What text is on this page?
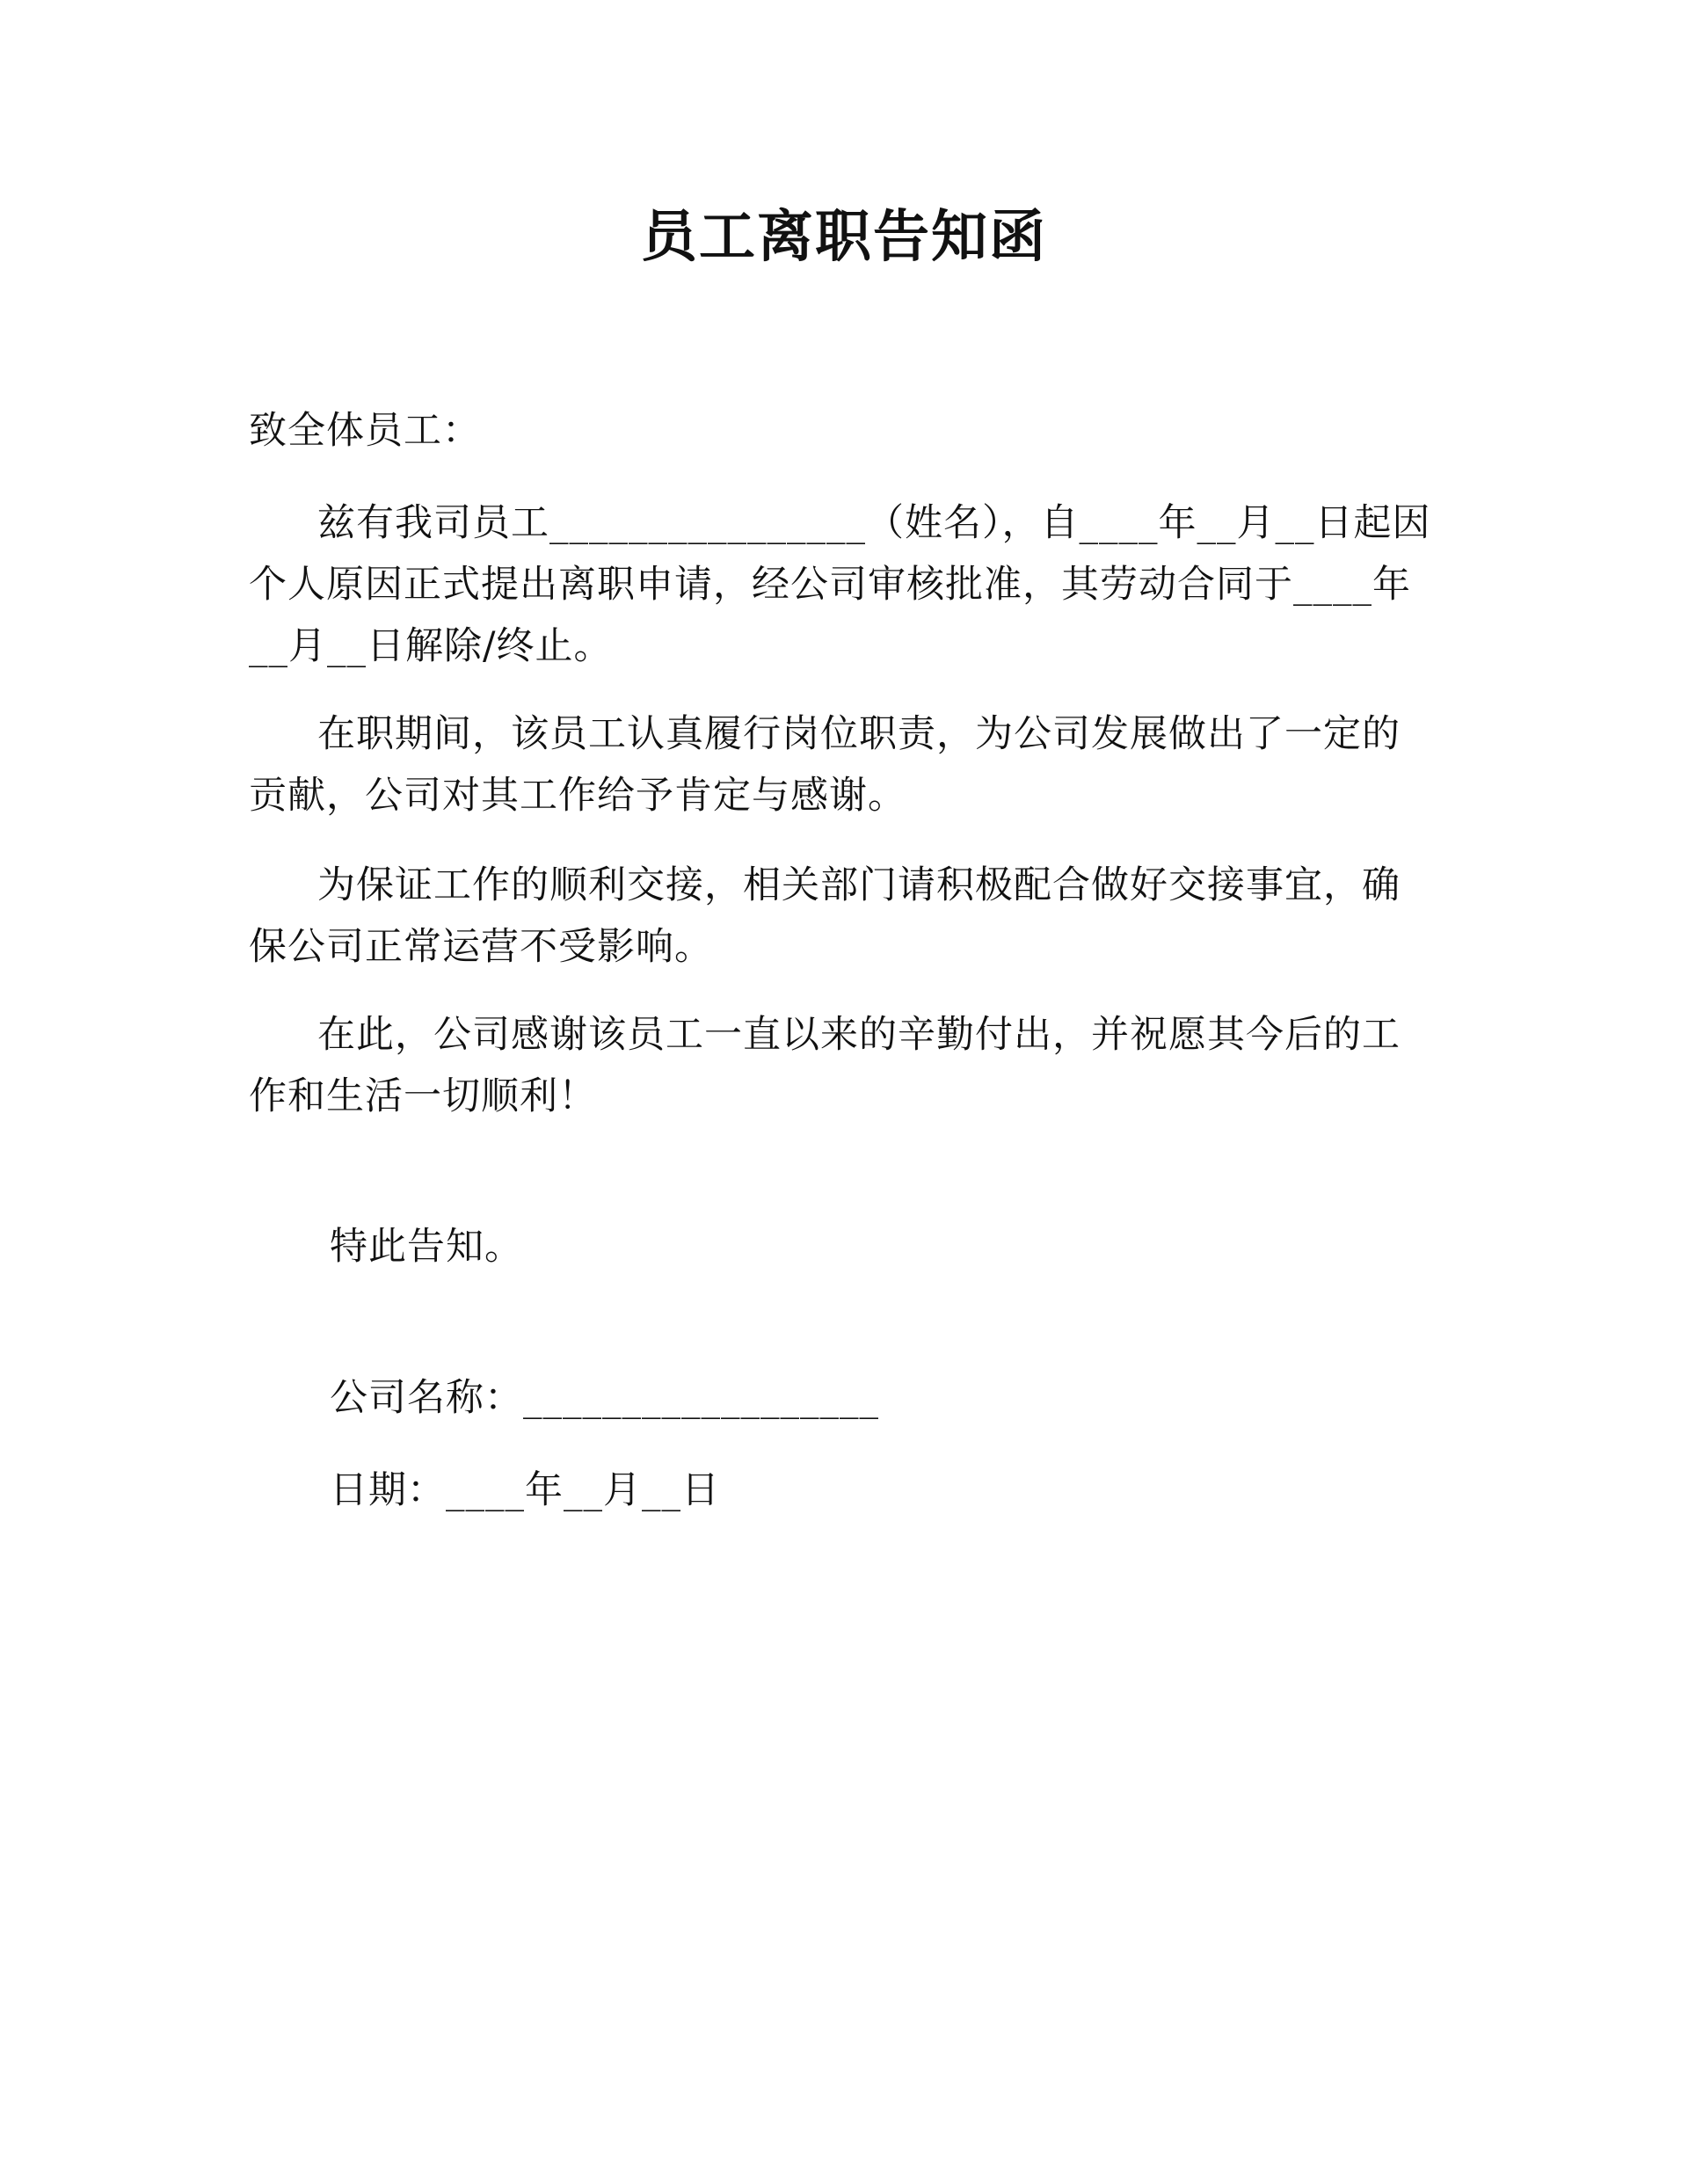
员工离职告知函
致全体员工：

兹有我司员工________________（姓名），自____年__月__日起因个人原因正式提出离职申请，经公司审核批准，其劳动合同于____年__月__日解除/终止。

在职期间，该员工认真履行岗位职责，为公司发展做出了一定的贡献，公司对其工作给予肯定与感谢。

为保证工作的顺利交接，相关部门请积极配合做好交接事宜，确保公司正常运营不受影响。

在此，公司感谢该员工一直以来的辛勤付出，并祝愿其今后的工作和生活一切顺利！

特此告知。
公司名称：__________________
日期：____年__月__日
